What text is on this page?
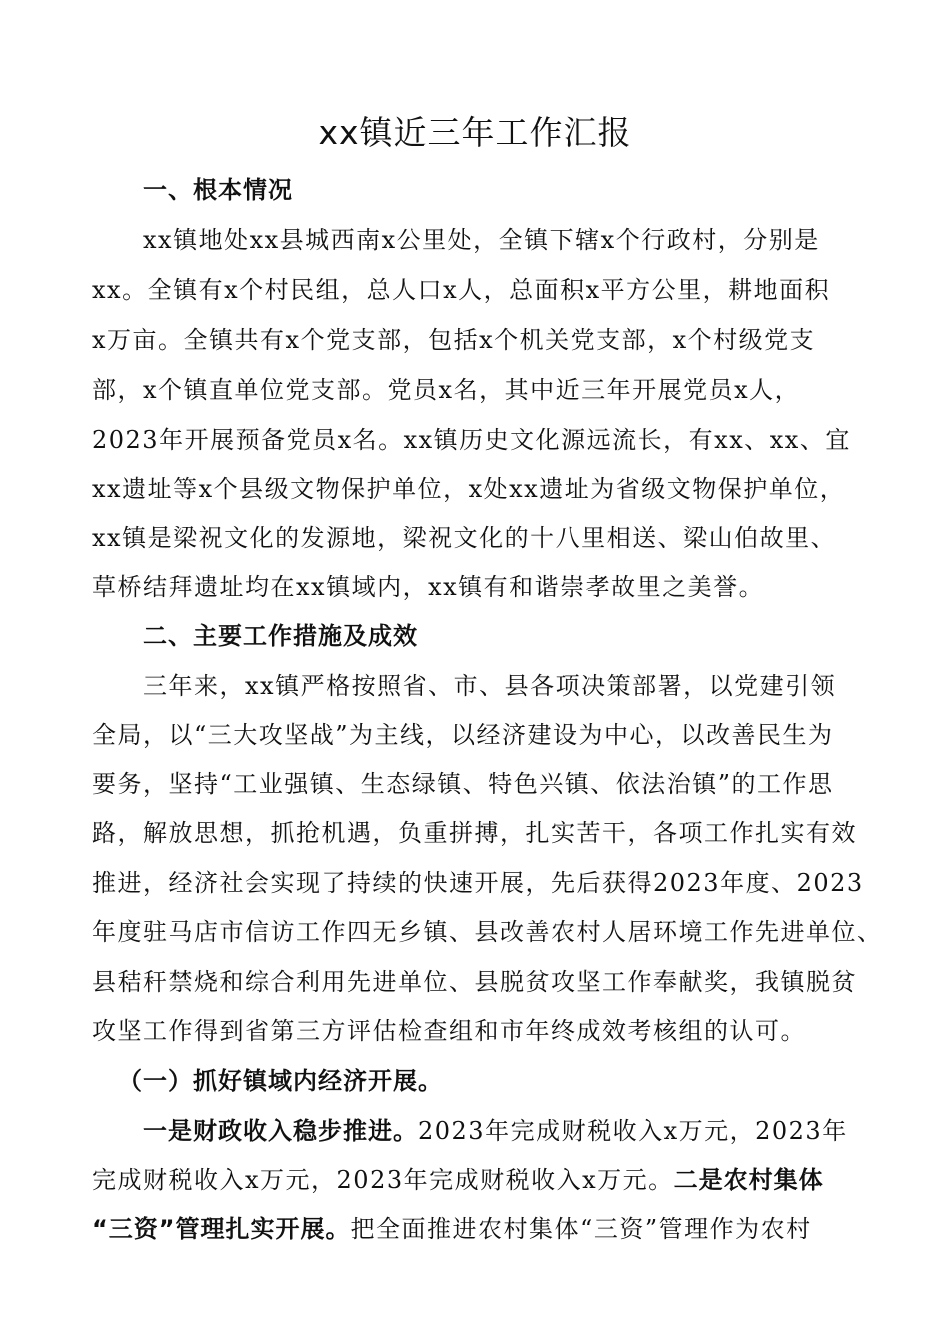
xx镇近三年工作汇报
一、根本情况
xx镇地处xx县城西南x公里处，全镇下辖x个行政村，分别是
xx。全镇有x个村民组，总人口x人，总面积x平方公里，耕地面积
x万亩。全镇共有x个党支部，包括x个机关党支部，x个村级党支
部，x个镇直单位党支部。党员x名，其中近三年开展党员x人，
2023年开展预备党员x名。xx镇历史文化源远流长，有xx、xx、宜
xx遗址等x个县级文物保护单位，x处xx遗址为省级文物保护单位，
xx镇是梁祝文化的发源地，梁祝文化的十八里相送、梁山伯故里、
草桥结拜遗址均在xx镇域内，xx镇有和谐崇孝故里之美誉。
二、主要工作措施及成效
三年来，xx镇严格按照省、市、县各项决策部署，以党建引领
全局，以“三大攻坚战”为主线，以经济建设为中心，以改善民生为
要务，坚持“工业强镇、生态绿镇、特色兴镇、依法治镇”的工作思
路，解放思想，抓抢机遇，负重拼搏，扎实苦干，各项工作扎实有效
推进，经济社会实现了持续的快速开展，先后获得2023年度、2023
年度驻马店市信访工作四无乡镇、县改善农村人居环境工作先进单位、
县秸秆禁烧和综合利用先进单位、县脱贫攻坚工作奉献奖，我镇脱贫
攻坚工作得到省第三方评估检查组和市年终成效考核组的认可。
（一）抓好镇域内经济开展。
一是财政收入稳步推进。2023年完成财税收入x万元，2023年
完成财税收入x万元，2023年完成财税收入x万元。二是农村集体
“三资”管理扎实开展。把全面推进农村集体“三资”管理作为农村
